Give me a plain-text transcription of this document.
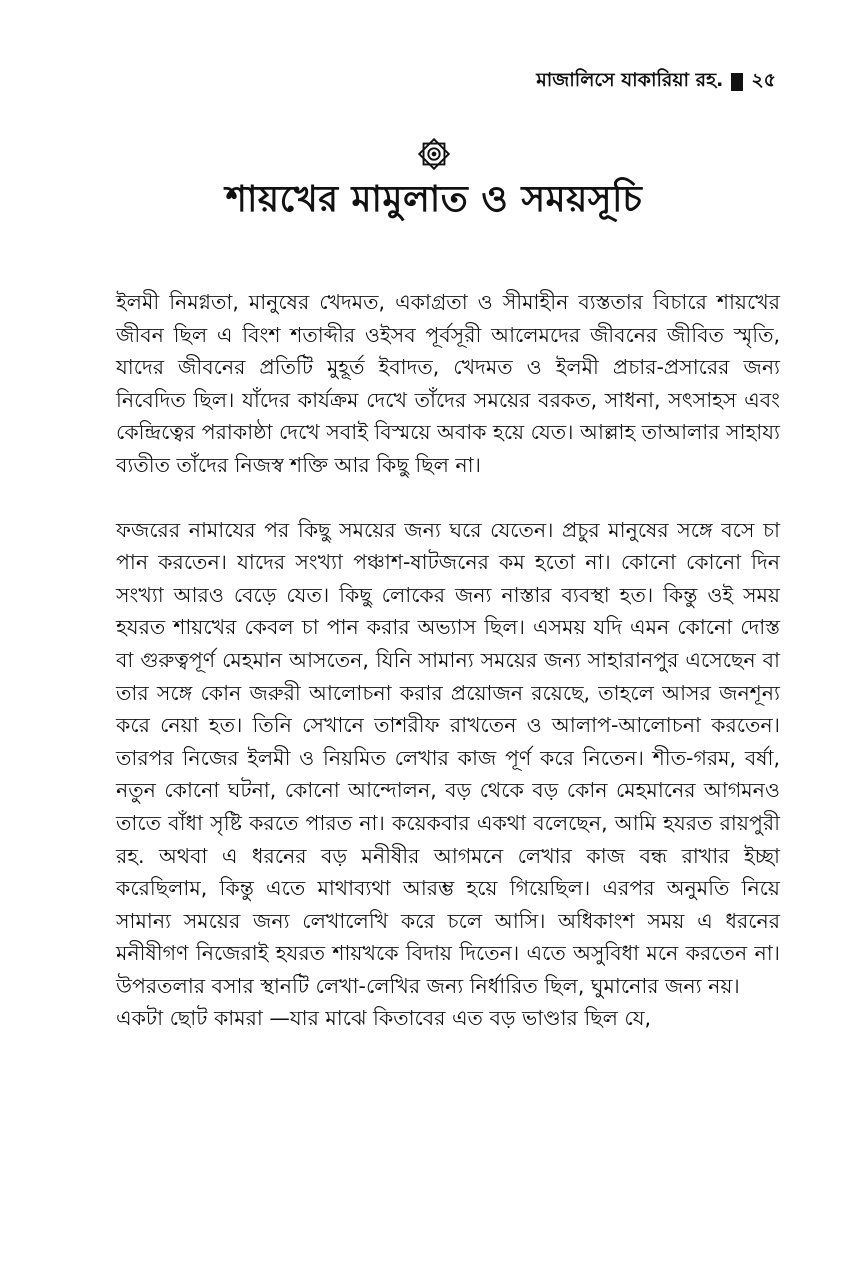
মাজালিসে যাকারিয়া রহ. ২৫
শায়খের মামুলাত ও সময়সূচি

ইলমী নিমগ্নতা, মানুষের খেদমত, একাগ্রতা ও সীমাহীন ব্যস্ততার বিচারে শায়খের জীবন ছিল এ বিংশ শতাব্দীর ওইসব পূর্বসূরী আলেমদের জীবনের জীবিত স্মৃতি, যাদের জীবনের প্রতিটি মুহূর্ত ইবাদত, খেদমত ও ইলমী প্রচার-প্রসারের জন্য নিবেদিত ছিল। যাঁদের কার্যক্রম দেখে তাঁদের সময়ের বরকত, সাধনা, সৎসাহস এবং কেন্দ্রিত্বের পরাকাষ্ঠা দেখে সবাই বিস্ময়ে অবাক হয়ে যেত। আল্লাহ তাআলার সাহায্য ব্যতীত তাঁদের নিজস্ব শক্তি আর কিছু ছিল না।

ফজরের নামাযের পর কিছু সময়ের জন্য ঘরে যেতেন। প্রচুর মানুষের সঙ্গে বসে চা পান করতেন। যাদের সংখ্যা পঞ্চাশ-ষাটজনের কম হতো না। কোনো কোনো দিন সংখ্যা আরও বেড়ে যেত। কিছু লোকের জন্য নাস্তার ব্যবস্থা হত। কিন্তু ওই সময় হযরত শায়খের কেবল চা পান করার অভ্যাস ছিল। এসময় যদি এমন কোনো দোস্ত বা গুরুত্বপূর্ণ মেহমান আসতেন, যিনি সামান্য সময়ের জন্য সাহারানপুর এসেছেন বা তার সঙ্গে কোন জরুরী আলোচনা করার প্রয়োজন রয়েছে, তাহলে আসর জনশূন্য করে নেয়া হত। তিনি সেখানে তাশরীফ রাখতেন ও আলাপ-আলোচনা করতেন। তারপর নিজের ইলমী ও নিয়মিত লেখার কাজ পূর্ণ করে নিতেন। শীত-গরম, বর্ষা, নতুন কোনো ঘটনা, কোনো আন্দোলন, বড় থেকে বড় কোন মেহমানের আগমনও তাতে বাঁধা সৃষ্টি করতে পারত না। কয়েকবার একথা বলেছেন, আমি হযরত রায়পুরী রহ. অথবা এ ধরনের বড় মনীষীর আগমনে লেখার কাজ বন্ধ রাখার ইচ্ছা করেছিলাম, কিন্তু এতে মাথাব্যথা আরম্ভ হয়ে গিয়েছিল। এরপর অনুমতি নিয়ে সামান্য সময়ের জন্য লেখালেখি করে চলে আসি। অধিকাংশ সময় এ ধরনের মনীষীগণ নিজেরাই হযরত শায়খকে বিদায় দিতেন। এতে অসুবিধা মনে করতেন না। উপরতলার বসার স্থানটি লেখা-লেখির জন্য নির্ধারিত ছিল, ঘুমানোর জন্য নয়।

একটা ছোট কামরা —যার মাঝে কিতাবের এত বড় ভাণ্ডার ছিল যে,
